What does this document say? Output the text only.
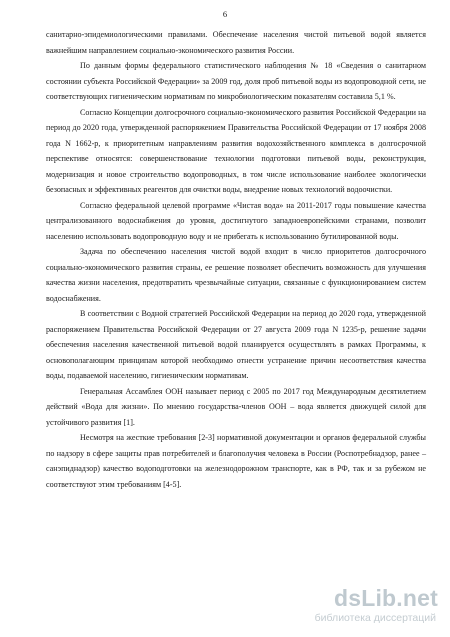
6

санитарно-эпидемиологическими правилами. Обеспечение населения чистой питьевой водой является важнейшим направлением социально-экономического развития России.

По данным формы федерального статистического наблюдения № 18 «Сведения о санитарном состоянии субъекта Российской Федерации» за 2009 год, доля проб питьевой воды из водопроводной сети, не соответствующих гигиеническим нормативам по микробиологическим показателям составила 5,1 %.

Согласно Концепции долгосрочного социально-экономического развития Российской Федерации на период до 2020 года, утвержденной распоряжением Правительства Российской Федерации от 17 ноября 2008 года N 1662-р, к приоритетным направлениям развития водохозяйственного комплекса в долгосрочной перспективе относятся: совершенствование технологии подготовки питьевой воды, реконструкция, модернизация и новое строительство водопроводных, в том числе использование наиболее экологически безопасных и эффективных реагентов для очистки воды, внедрение новых технологий водоочистки.

Согласно федеральной целевой программе «Чистая вода» на 2011-2017 годы повышение качества централизованного водоснабжения до уровня, достигнутого западноевропейскими странами, позволит населению использовать водопроводную воду и не прибегать к использованию бутилированной воды.

Задача по обеспечению населения чистой водой входит в число приоритетов долгосрочного социально-экономического развития страны, ее решение позволяет обеспечить возможность для улучшения качества жизни населения, предотвратить чрезвычайные ситуации, связанные с функционированием систем водоснабжения.

В соответствии с Водной стратегией Российской Федерации на период до 2020 года, утвержденной распоряжением Правительства Российской Федерации от 27 августа 2009 года N 1235-р, решение задачи обеспечения населения качественной питьевой водой планируется осуществлять в рамках Программы, к основополагающим принципам которой необходимо отнести устранение причин несоответствия качества воды, подаваемой населению, гигиеническим нормативам.

Генеральная Ассамблея ООН называет период с 2005 по 2017 год Международным десятилетием действий «Вода для жизни». По мнению государства-членов ООН – вода является движущей силой для устойчивого развития [1].

Несмотря на жесткие требования [2-3] нормативной документации и органов федеральной службы по надзору в сфере защиты прав потребителей и благополучия человека в России (Роспотребнадзор, ранее – санэпиднадзор) качество водоподготовки на железнодорожном транспорте, как в РФ, так и за рубежом не соответствуют этим требованиям [4-5].

dsLib.net
библиотека диссертаций
